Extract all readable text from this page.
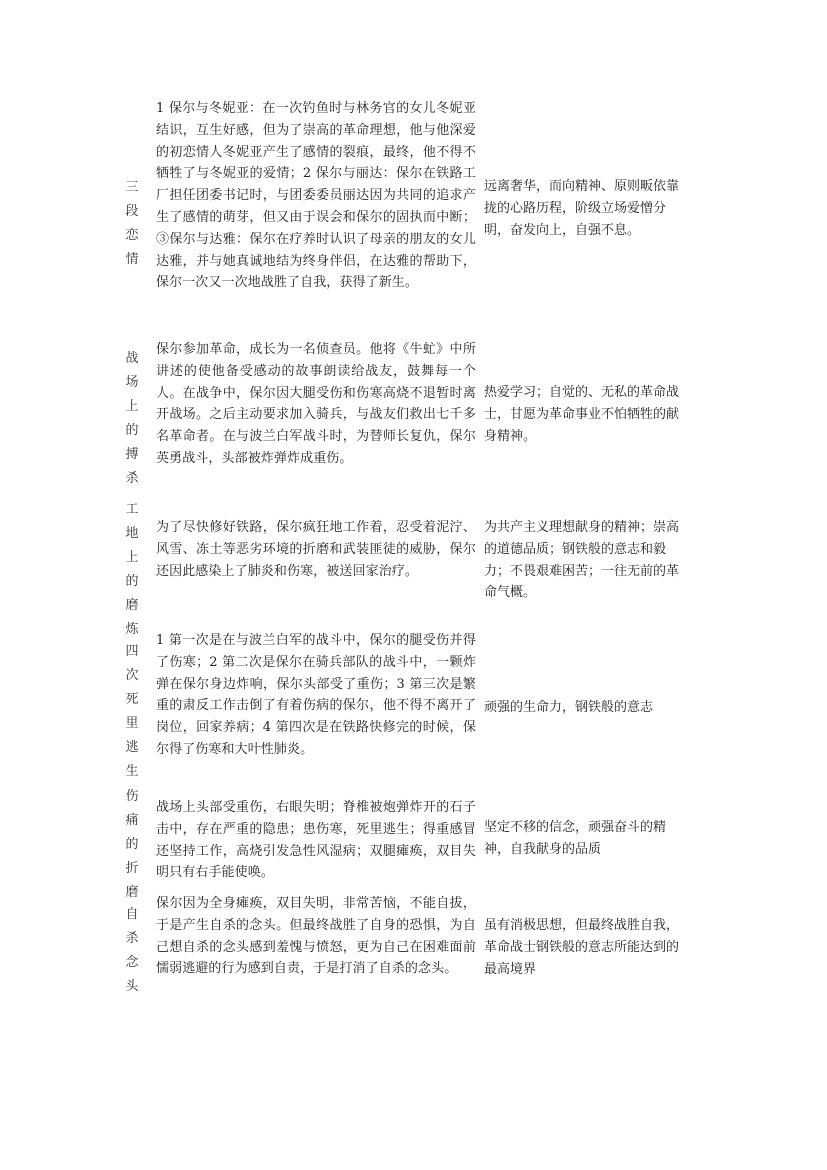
三
段
恋
情
1 保尔与冬妮亚：在一次钓鱼时与林务官的女儿冬妮亚结识，互生好感，但为了崇高的革命理想，他与他深爱的初恋情人冬妮亚产生了感情的裂痕，最终，他不得不牺牲了与冬妮亚的爱情；2 保尔与丽达：保尔在铁路工厂担任团委书记时，与团委委员丽达因为共同的追求产生了感情的萌芽，但又由于误会和保尔的固执而中断；③保尔与达雅：保尔在疗养时认识了母亲的朋友的女儿达雅，并与她真诚地结为终身伴侣，在达雅的帮助下，保尔一次又一次地战胜了自我，获得了新生。
远离奢华，而向精神、原则畈依靠拢的心路历程，阶级立场爱憎分明，奋发向上，自强不息。
战
场
上
的
搏
杀
保尔参加革命，成长为一名侦查员。他将《牛虻》中所讲述的使他备受感动的故事朗读给战友，鼓舞每一个人。在战争中，保尔因大腿受伤和伤寒高烧不退暂时离开战场。之后主动要求加入骑兵，与战友们救出七千多名革命者。在与波兰白军战斗时，为替师长复仇，保尔英勇战斗，头部被炸弹炸成重伤。
热爱学习；自觉的、无私的革命战士，甘愿为革命事业不怕牺牲的献身精神。
工
地
上
的
磨
炼
为了尽快修好铁路，保尔疯狂地工作着，忍受着泥泞、风雪、冻土等恶劣环境的折磨和武装匪徒的威胁，保尔还因此感染上了肺炎和伤寒，被送回家治疗。
为共产主义理想献身的精神；崇高的道德品质；钢铁般的意志和毅力；不畏艰难困苦；一往无前的革命气概。
四
次
死
里
逃
生
1 第一次是在与波兰白军的战斗中，保尔的腿受伤并得了伤寒；2 第二次是保尔在骑兵部队的战斗中，一颗炸弹在保尔身边炸响，保尔头部受了重伤；3 第三次是繁重的肃反工作击倒了有着伤病的保尔，他不得不离开了岗位，回家养病；4 第四次是在铁路快修完的时候，保尔得了伤寒和大叶性肺炎。
顽强的生命力，钢铁般的意志
伤
痛
的
折
磨
战场上头部受重伤，右眼失明；脊椎被炮弹炸开的石子击中，存在严重的隐患；患伤寒，死里逃生；得重感冒还坚持工作，高烧引发急性风湿病；双腿瘫痪，双目失明只有右手能使唤。
坚定不移的信念，顽强奋斗的精神，自我献身的品质
自
杀
念
头
保尔因为全身瘫痪，双目失明，非常苦恼，不能自拔，于是产生自杀的念头。但最终战胜了自身的恐惧，为自己想自杀的念头感到羞愧与愤怒，更为自己在困难面前懦弱逃避的行为感到自责，于是打消了自杀的念头。
虽有消极思想，但最终战胜自我，革命战士钢铁般的意志所能达到的最高境界
